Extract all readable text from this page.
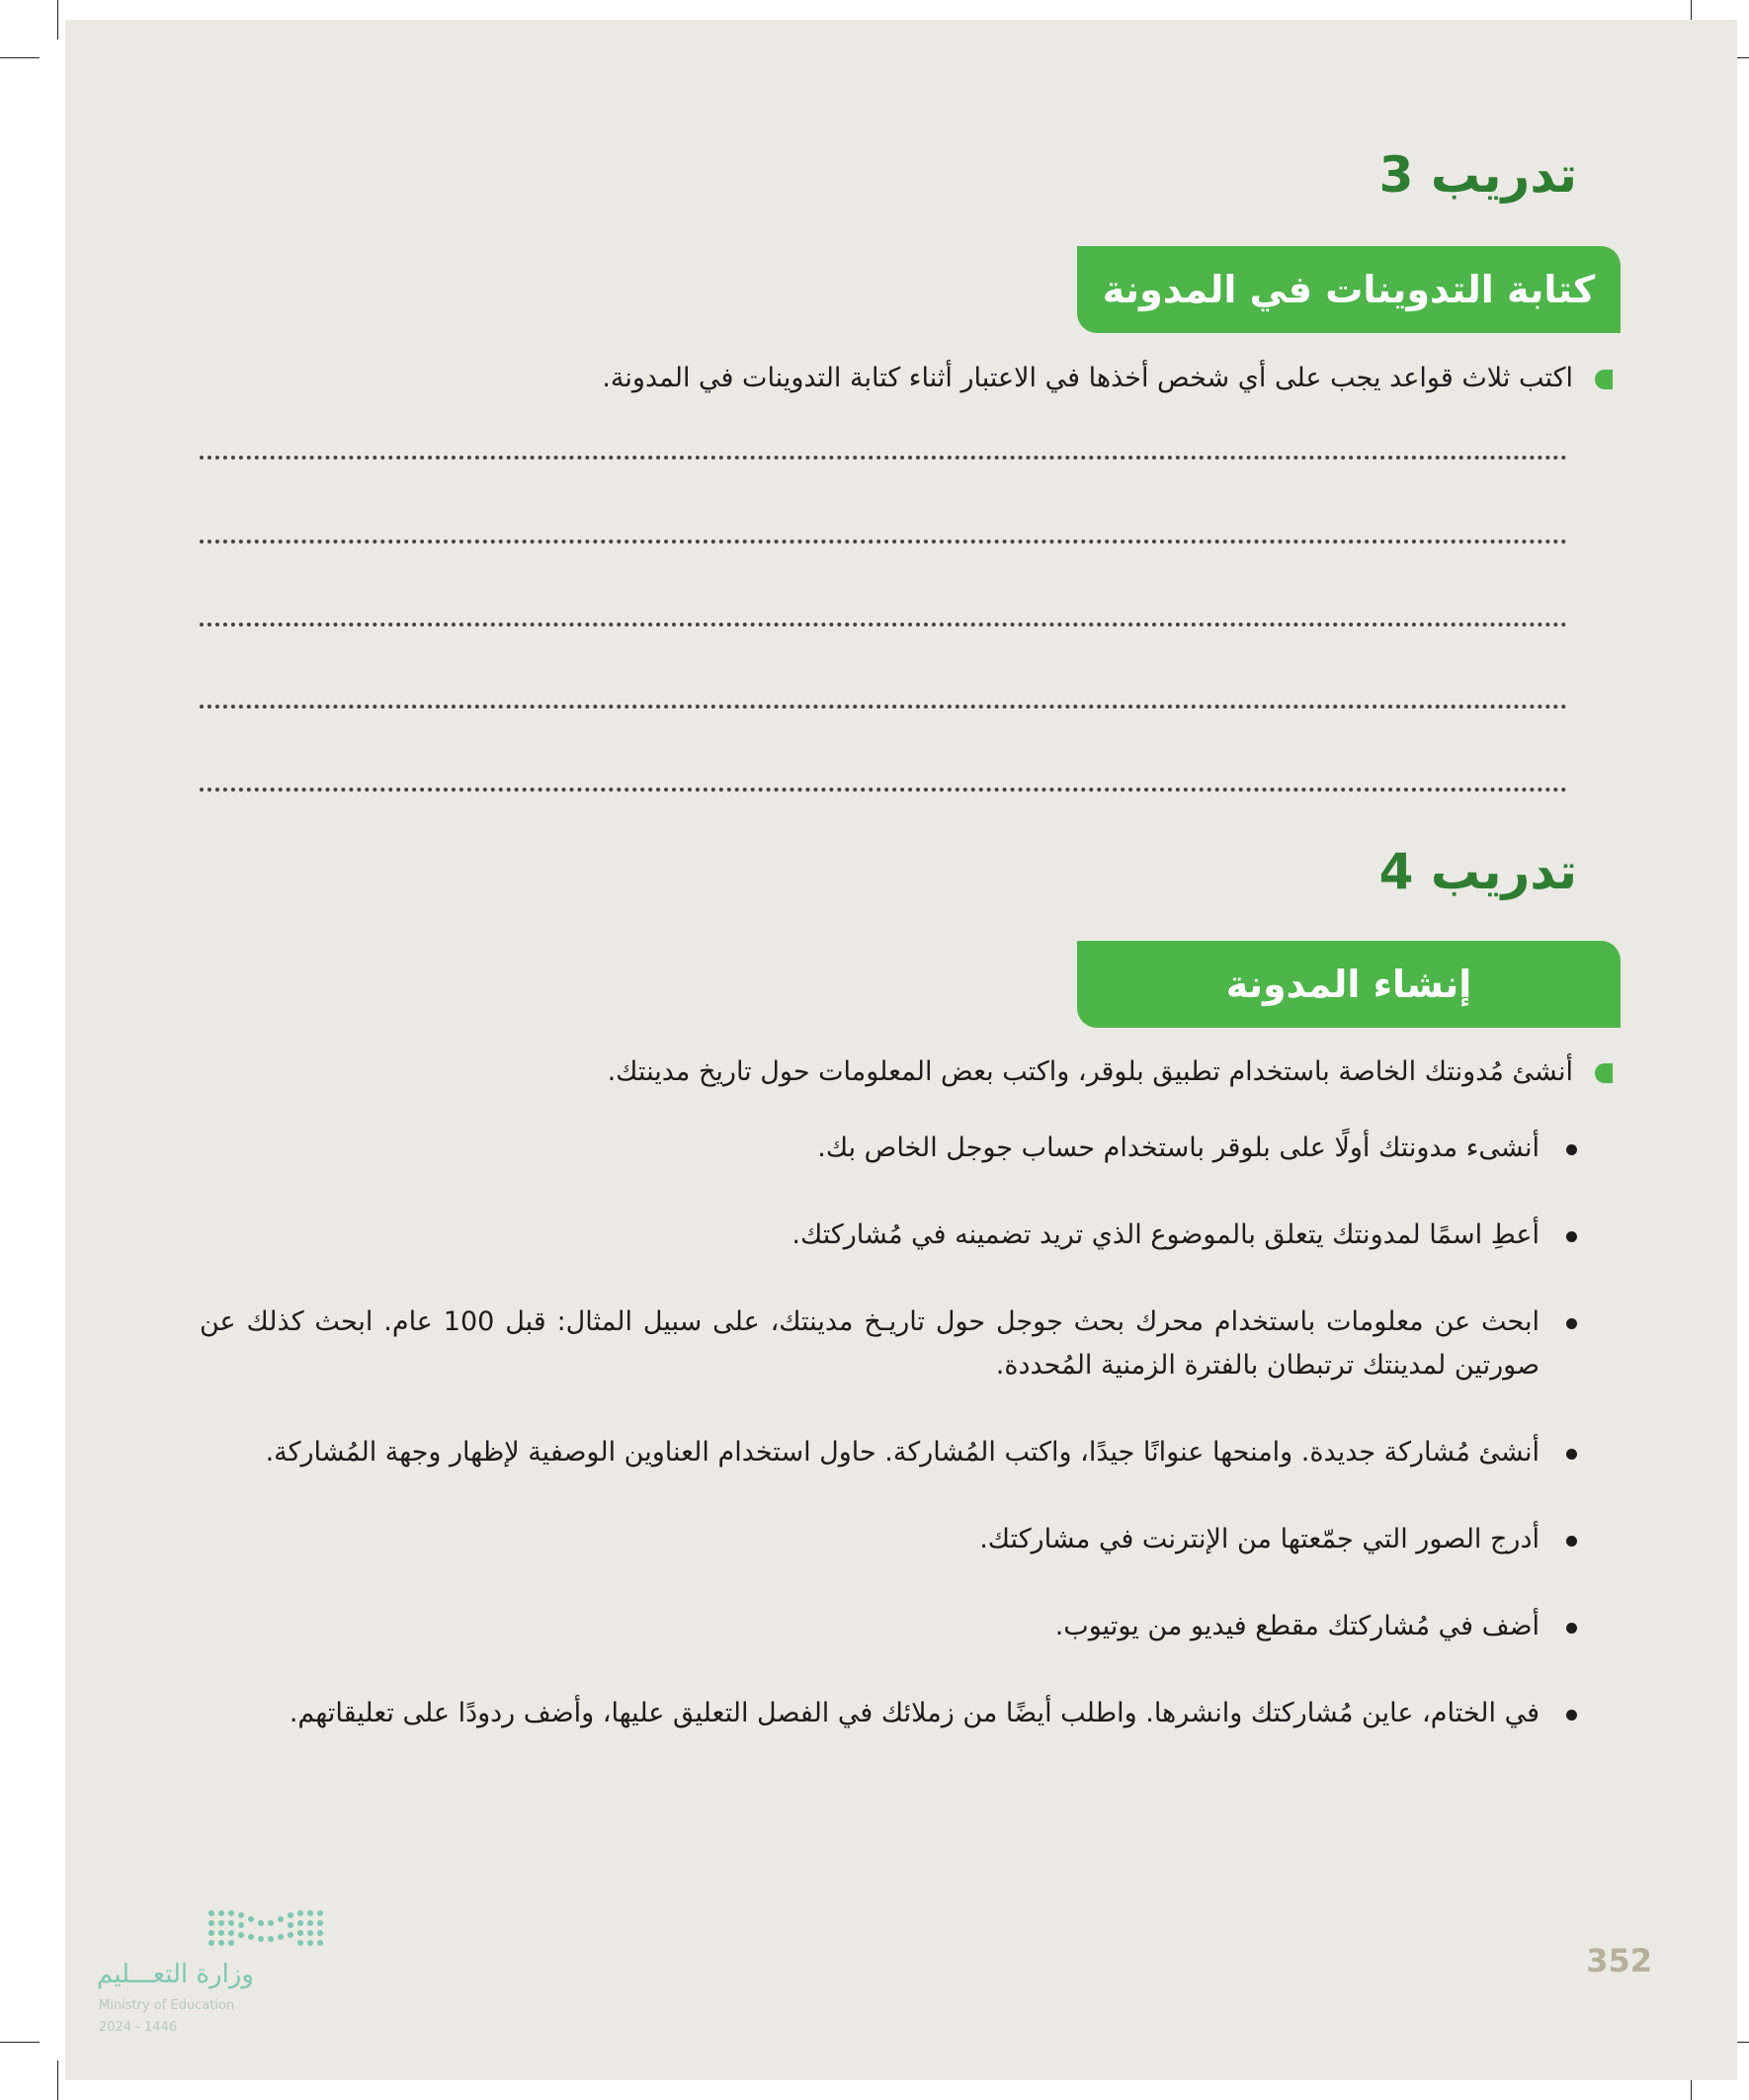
تدريب 3
كتابة التدوينات في المدونة

اكتب ثلاث قواعد يجب على أي شخص أخذها في الاعتبار أثناء كتابة التدوينات في المدونة.

تدريب 4
إنشاء المدونة

أنشئ مُدونتك الخاصة باستخدام تطبيق بلوقر، واكتب بعض المعلومات حول تاريخ مدينتك.

أنشىء مدونتك أولًا على بلوقر باستخدام حساب جوجل الخاص بك.
أعطِ اسمًا لمدونتك يتعلق بالموضوع الذي تريد تضمينه في مُشاركتك.
ابحث عن معلومات باستخدام محرك بحث جوجل حول تاريـخ مدينتك، على سبيل المثال: قبل 100 عام. ابحث كذلك عن صورتين لمدينتك ترتبطان بالفترة الزمنية المُحددة.
أنشئ مُشاركة جديدة. وامنحها عنوانًا جيدًا، واكتب المُشاركة. حاول استخدام العناوين الوصفية لإظهار وجهة المُشاركة.
أدرج الصور التي جمّعتها من الإنترنت في مشاركتك.
أضف في مُشاركتك مقطع فيديو من يوتيوب.
في الختام، عاين مُشاركتك وانشرها. واطلب أيضًا من زملائك في الفصل التعليق عليها، وأضف ردودًا على تعليقاتهم.
352
وزارة التعـــليم
Ministry of Education
2024 - 1446
